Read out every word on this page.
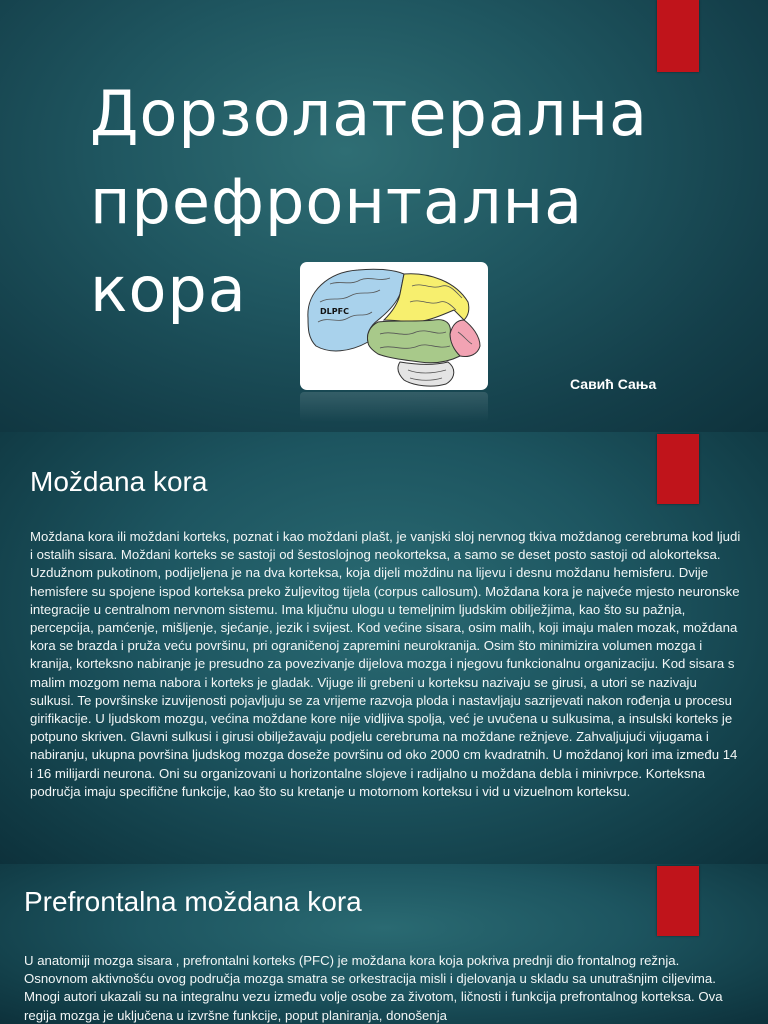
Дорзолатерална
префронтална
кора	DLPFC

Савић Сања

Moždana kora

Moždana kora ili moždani korteks, poznat i kao moždani plašt, je vanjski sloj nervnog tkiva moždanog cerebruma kod ljudi i ostalih sisara. Moždani korteks se sastoji od šestoslojnog neokorteksa, a samo se deset posto sastoji od alokorteksa. Uzdužnom pukotinom, podijeljena je na dva korteksa, koja dijeli moždinu na lijevu i desnu moždanu hemisferu. Dvije hemisfere su spojene ispod korteksa preko žuljevitog tijela (corpus callosum). Moždana kora je najveće mjesto neuronske integracije u centralnom nervnom sistemu. Ima ključnu ulogu u temeljnim ljudskim obilježjima, kao što su pažnja, percepcija, pamćenje, mišljenje, sjećanje, jezik i svijest. Kod većine sisara, osim malih, koji imaju malen mozak, moždana kora se brazda i pruža veću površinu, pri ograničenoj zapremini neurokranija. Osim što minimizira volumen mozga i kranija, korteksno nabiranje je presudno za povezivanje dijelova mozga i njegovu funkcionalnu organizaciju. Kod sisara s malim mozgom nema nabora i korteks je gladak. Vijuge ili grebeni u korteksu nazivaju se girusi, a utori se nazivaju sulkusi. Te površinske izuvijenosti pojavljuju se za vrijeme razvoja ploda i nastavljaju sazrijevati nakon rođenja u procesu girifikacije. U ljudskom mozgu, većina moždane kore nije vidljiva spolja, već je uvučena u sulkusima, a insulski korteks je potpuno skriven. Glavni sulkusi i girusi obilježavaju podjelu cerebruma na moždane režnjeve. Zahvaljujući vijugama i nabiranju, ukupna površina ljudskog mozga doseže površinu od oko 2000 cm kvadratnih. U moždanoj kori ima između 14 i 16 milijardi neurona. Oni su organizovani u horizontalne slojeve i radijalno u moždana debla i minivrpce. Korteksna područja imaju specifične funkcije, kao što su kretanje u motornom korteksu i vid u vizuelnom korteksu.

Prefrontalna moždana kora

U anatomiji mozga sisara , prefrontalni korteks (PFC) je moždana kora koja pokriva prednji dio frontalnog režnja. Osnovnom aktivnošću ovog područja mozga smatra se orkestracija misli i djelovanja u skladu sa unutrašnjim ciljevima. Mnogi autori ukazali su na integralnu vezu između volje osobe za životom, ličnosti i funkcija prefrontalnog korteksa. Ova regija mozga je uključena u izvršne funkcije, poput planiranja, donošenja
